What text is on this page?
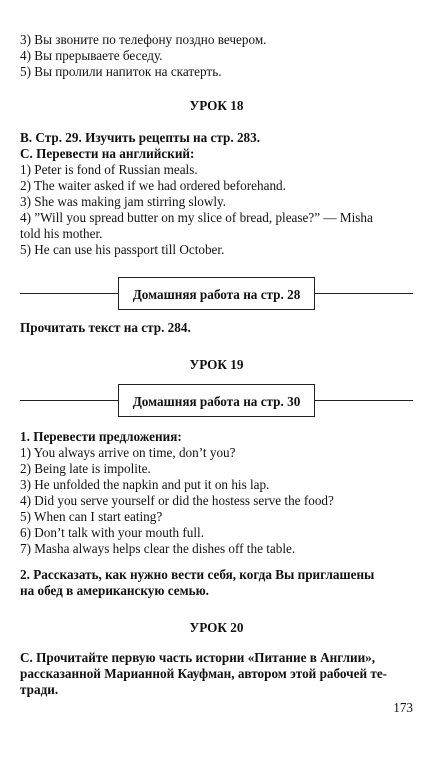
3) Вы звоните по телефону поздно вечером.
4) Вы прерываете беседу.
5) Вы пролили напиток на скатерть.
УРОК 18
В. Стр. 29. Изучить рецепты на стр. 283.
С. Перевести на английский:
1) Peter is fond of Russian meals.
2) The waiter asked if we had ordered beforehand.
3) She was making jam stirring slowly.
4) ”Will you spread butter on my slice of bread, please?” — Misha
told his mother.
5) He can use his passport till October.
Домашняя работа на стр. 28
Прочитать текст на стр. 284.
УРОК 19
Домашняя работа на стр. 30
1. Перевести предложения:
1) You always arrive on time, don’t you?
2) Being late is impolite.
3) He unfolded the napkin and put it on his lap.
4) Did you serve yourself or did the hostess serve the food?
5) When can I start eating?
6) Don’t talk with your mouth full.
7) Masha always helps clear the dishes off the table.
2. Рассказать, как нужно вести себя, когда Вы приглашены
на обед в американскую семью.
УРОК 20
С. Прочитайте первую часть истории «Питание в Англии»,
рассказанной Марианной Кауфман, автором этой рабочей те-
тради.
173
